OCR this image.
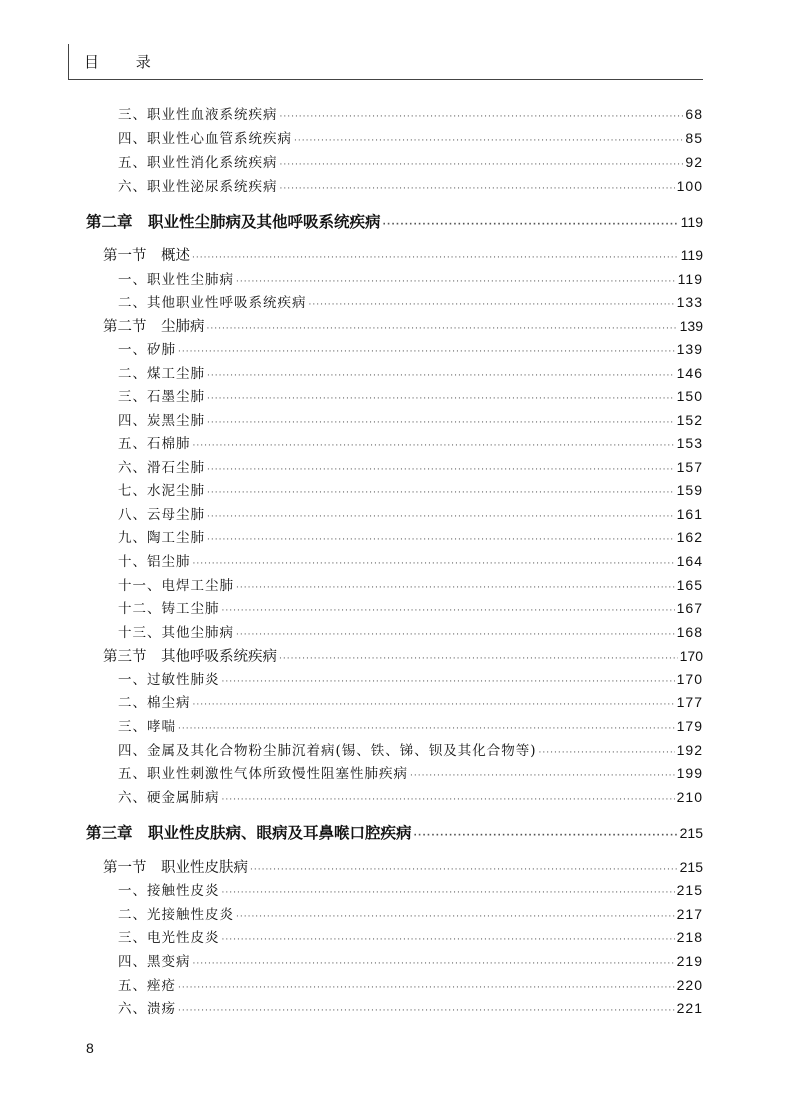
目 录
三、职业性血液系统疾病 ·····	68
四、职业性心血管系统疾病 ·····	85
五、职业性消化系统疾病 ·····	92
六、职业性泌尿系统疾病 ·····	100
第二章　职业性尘肺病及其他呼吸系统疾病 ·····	119
第一节　概述 ·····	119
一、职业性尘肺病 ·····	119
二、其他职业性呼吸系统疾病 ·····	133
第二节　尘肺病 ·····	139
一、矽肺 ·····	139
二、煤工尘肺 ·····	146
三、石墨尘肺 ·····	150
四、炭黑尘肺 ·····	152
五、石棉肺 ·····	153
六、滑石尘肺 ·····	157
七、水泥尘肺 ·····	159
八、云母尘肺 ·····	161
九、陶工尘肺 ·····	162
十、铝尘肺 ·····	164
十一、电焊工尘肺 ·····	165
十二、铸工尘肺 ·····	167
十三、其他尘肺病 ·····	168
第三节　其他呼吸系统疾病 ·····	170
一、过敏性肺炎 ·····	170
二、棉尘病 ·····	177
三、哮喘 ·····	179
四、金属及其化合物粉尘肺沉着病(锡、铁、锑、钡及其化合物等) ·····	192
五、职业性刺激性气体所致慢性阻塞性肺疾病 ·····	199
六、硬金属肺病 ·····	210
第三章　职业性皮肤病、眼病及耳鼻喉口腔疾病 ·····	215
第一节　职业性皮肤病 ·····	215
一、接触性皮炎 ·····	215
二、光接触性皮炎 ·····	217
三、电光性皮炎 ·····	218
四、黑变病 ·····	219
五、痤疮 ·····	220
六、溃疡 ·····	221
8
